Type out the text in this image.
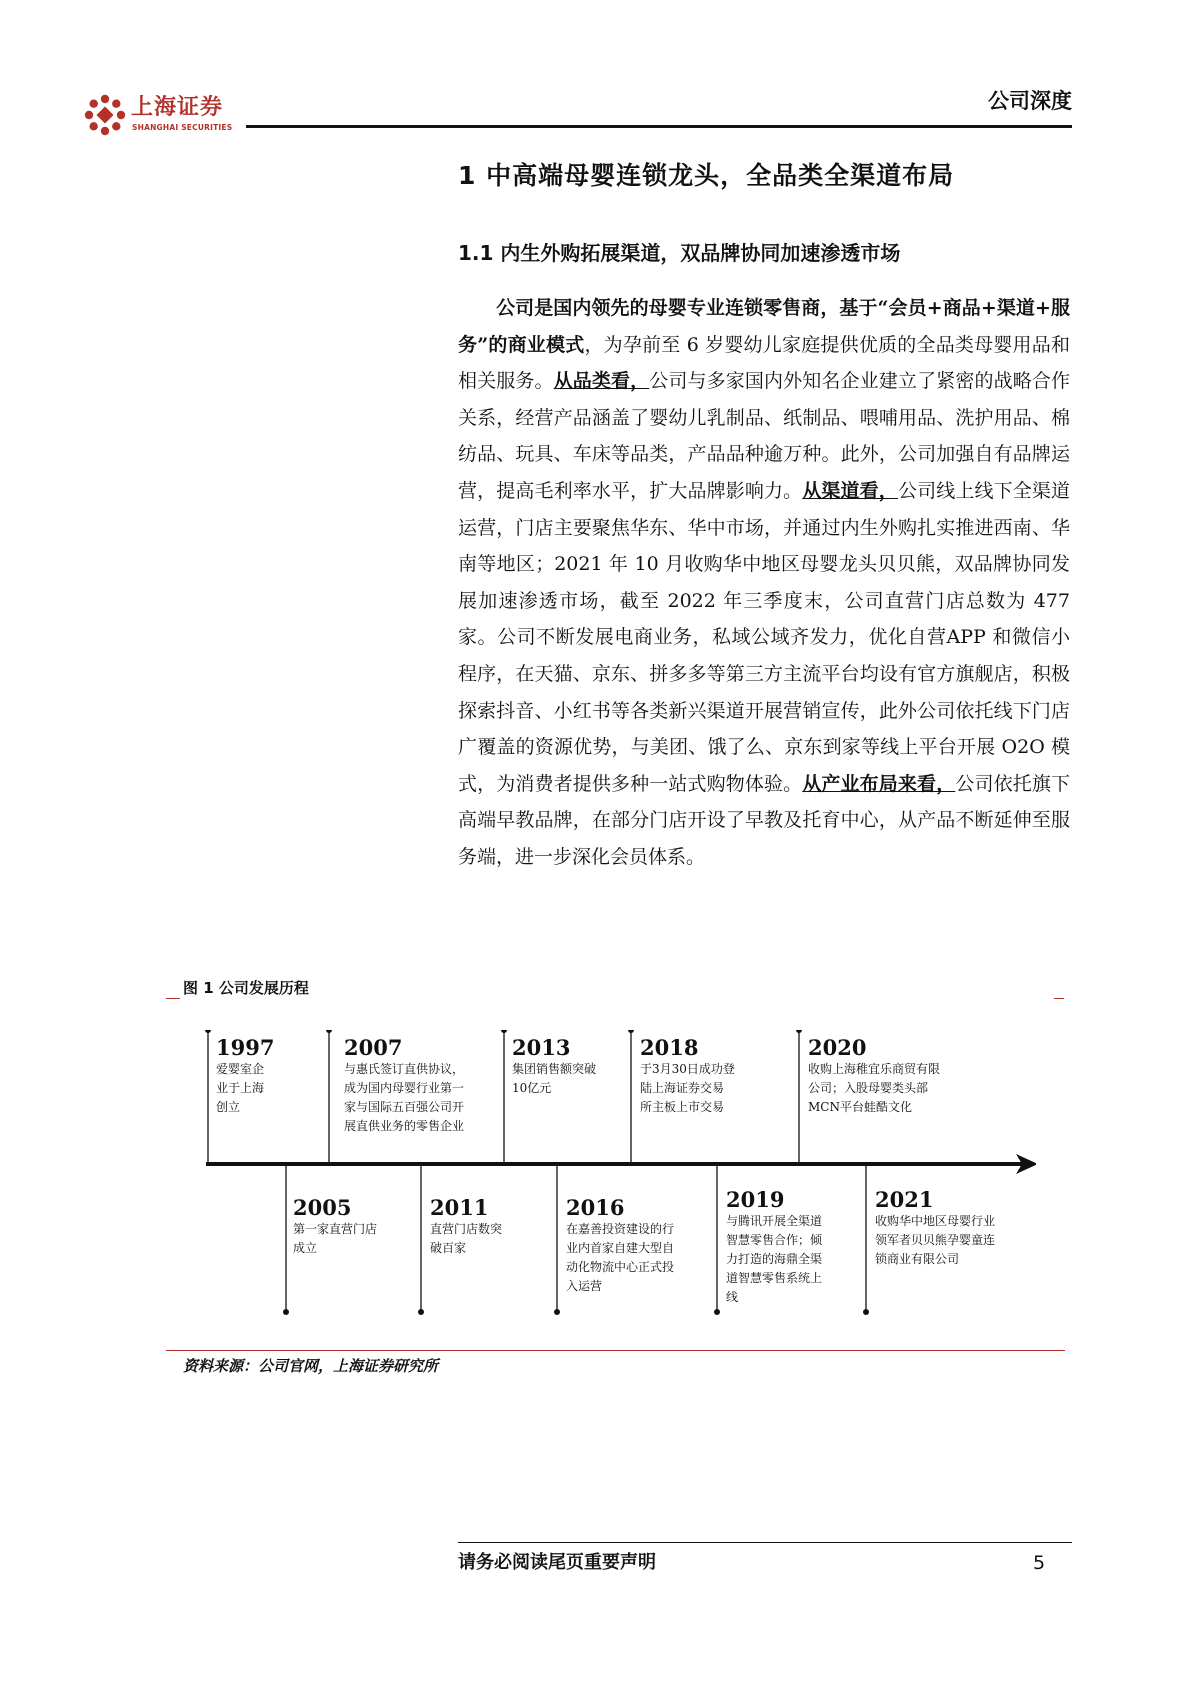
上海证券
SHANGHAI SECURITIES
公司深度
1 中高端母婴连锁龙头，全品类全渠道布局
1.1 内生外购拓展渠道，双品牌协同加速渗透市场
公司是国内领先的母婴专业连锁零售商，基于“会员+商品+渠道+服务”的商业模式，为孕前至 6 岁婴幼儿家庭提供优质的全品类母婴用品和相关服务。从品类看，公司与多家国内外知名企业建立了紧密的战略合作关系，经营产品涵盖了婴幼儿乳制品、纸制品、喂哺用品、洗护用品、棉纺品、玩具、车床等品类，产品品种逾万种。此外，公司加强自有品牌运营，提高毛利率水平，扩大品牌影响力。从渠道看，公司线上线下全渠道运营，门店主要聚焦华东、华中市场，并通过内生外购扎实推进西南、华南等地区；2021 年 10 月收购华中地区母婴龙头贝贝熊，双品牌协同发展加速渗透市场，截至 2022 年三季度末，公司直营门店总数为 477 家。公司不断发展电商业务，私域公域齐发力，优化自营APP 和微信小程序，在天猫、京东、拼多多等第三方主流平台均设有官方旗舰店，积极探索抖音、小红书等各类新兴渠道开展营销宣传，此外公司依托线下门店广覆盖的资源优势，与美团、饿了么、京东到家等线上平台开展 O2O 模式，为消费者提供多种一站式购物体验。从产业布局来看，公司依托旗下高端早教品牌，在部分门店开设了早教及托育中心，从产品不断延伸至服务端，进一步深化会员体系。
图 1 公司发展历程
1997
爱婴室企
业于上海
创立
2007
与惠氏签订直供协议，
成为国内母婴行业第一
家与国际五百强公司开
展直供业务的零售企业
2013
集团销售额突破
10亿元
2018
于3月30日成功登
陆上海证券交易
所主板上市交易
2020
收购上海稚宜乐商贸有限
公司；入股母婴类头部
MCN平台蛙酷文化
2005
第一家直营门店
成立
2011
直营门店数突
破百家
2016
在嘉善投资建设的行
业内首家自建大型自
动化物流中心正式投
入运营
2019
与腾讯开展全渠道
智慧零售合作；倾
力打造的海鼎全渠
道智慧零售系统上
线
2021
收购华中地区母婴行业
领军者贝贝熊孕婴童连
锁商业有限公司
资料来源：公司官网，上海证券研究所
请务必阅读尾页重要声明	5
